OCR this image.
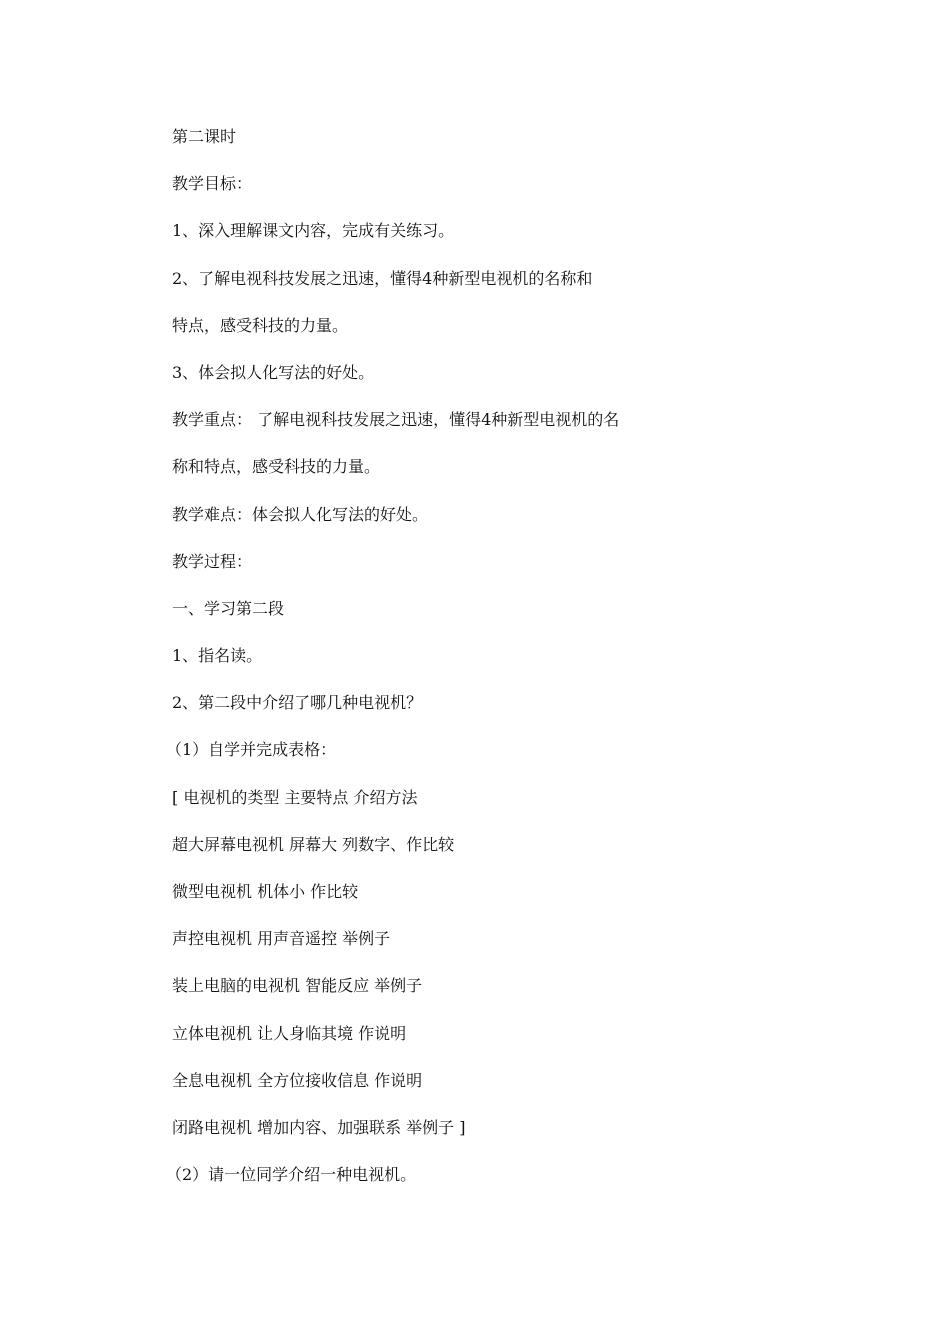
第二课时
教学目标：
1、深入理解课文内容，完成有关练习。
2、了解电视科技发展之迅速，懂得4种新型电视机的名称和
特点，感受科技的力量。
3、体会拟人化写法的好处。
教学重点： 了解电视科技发展之迅速，懂得4种新型电视机的名
称和特点，感受科技的力量。
教学难点：体会拟人化写法的好处。
教学过程：
一、学习第二段
1、指名读。
2、第二段中介绍了哪几种电视机？
（1）自学并完成表格：
[ 电视机的类型 主要特点 介绍方法
超大屏幕电视机 屏幕大 列数字、作比较
微型电视机 机体小 作比较
声控电视机 用声音遥控 举例子
装上电脑的电视机 智能反应 举例子
立体电视机 让人身临其境 作说明
全息电视机 全方位接收信息 作说明
闭路电视机 增加内容、加强联系 举例子 ]
（2）请一位同学介绍一种电视机。
